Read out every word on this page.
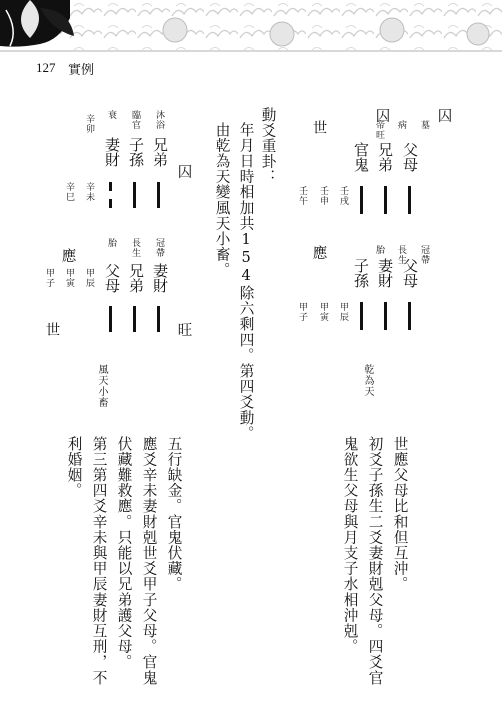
127 實例
囚
囚
墓
病
帝旺
冠帶
長生
胎
父母
兄弟
官鬼
父母
妻財
子孫
壬戌
壬申
壬午
甲辰
甲寅
甲子
世
應
乾為天
動爻重卦：
年月日時相加共154除六剩四。第四爻動。
由乾為天變風天小畜。
囚
旺
沐浴
臨官
衰
冠帶
長生
胎
兄弟
子孫
妻財
妻財
兄弟
父母
辛卯
辛巳 辛未
甲辰
甲寅
甲子
應
世
風天小畜
世應父母比和但互沖。
初爻子孫生二爻妻財剋父母。四爻官
鬼欲生父母與月支子水相沖剋。
五行缺金。官鬼伏藏。
應爻辛未妻財剋世爻甲子父母。官鬼
伏藏難救應。只能以兄弟護父母。
第三第四爻辛未與甲辰妻財互刑，不
利婚姻。
